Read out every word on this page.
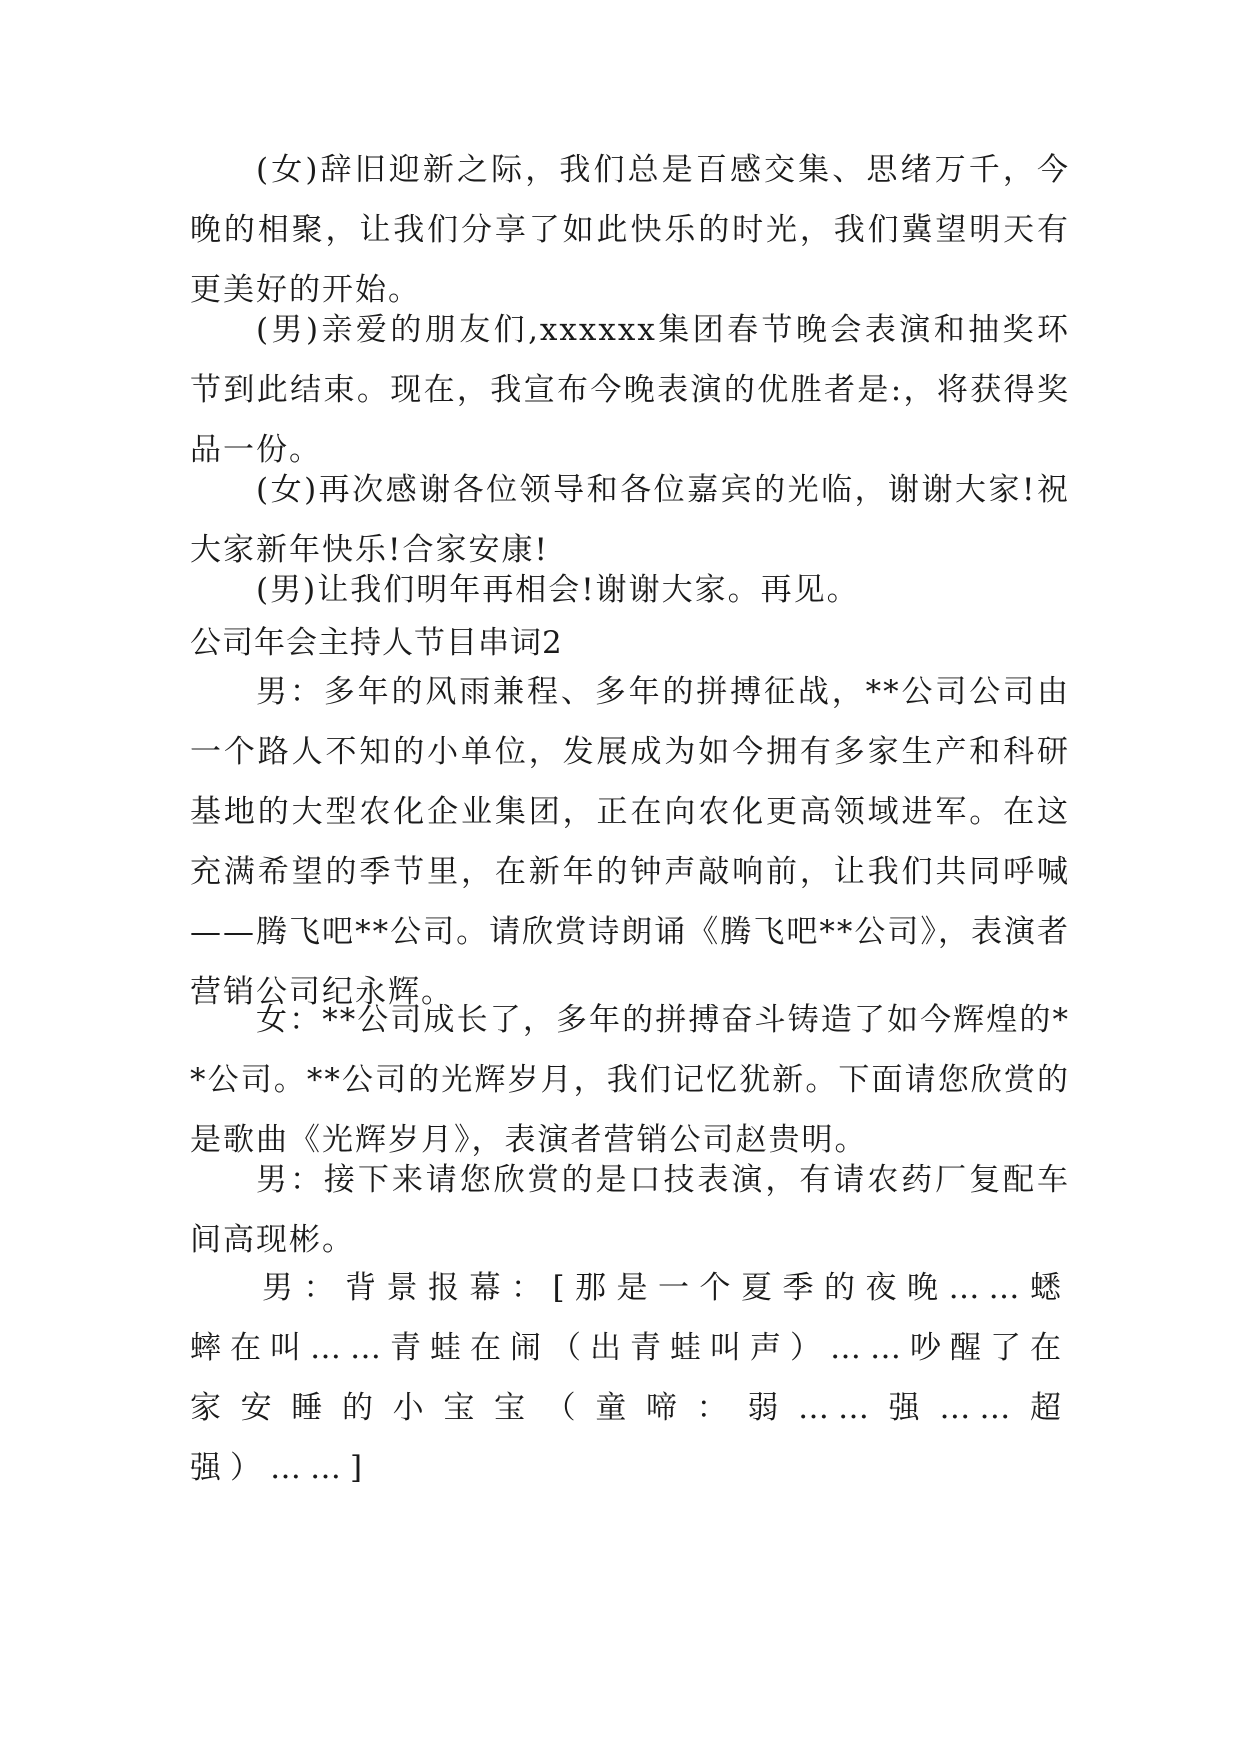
(女)辞旧迎新之际，我们总是百感交集、思绪万千，今晚的相聚，让我们分享了如此快乐的时光，我们冀望明天有更美好的开始。

(男)亲爱的朋友们,xxxxxx集团春节晚会表演和抽奖环节到此结束。现在，我宣布今晚表演的优胜者是:，将获得奖品一份。

(女)再次感谢各位领导和各位嘉宾的光临，谢谢大家!祝大家新年快乐!合家安康!

(男)让我们明年再相会!谢谢大家。再见。

公司年会主持人节目串词2

男：多年的风雨兼程、多年的拼搏征战，**公司公司由一个路人不知的小单位，发展成为如今拥有多家生产和科研基地的大型农化企业集团，正在向农化更高领域进军。在这充满希望的季节里，在新年的钟声敲响前，让我们共同呼喊——腾飞吧**公司。请欣赏诗朗诵《腾飞吧**公司》，表演者营销公司纪永辉。

女：**公司成长了，多年的拼搏奋斗铸造了如今辉煌的**公司。**公司的光辉岁月，我们记忆犹新。下面请您欣赏的是歌曲《光辉岁月》，表演者营销公司赵贵明。

男：接下来请您欣赏的是口技表演，有请农药厂复配车间高现彬。

男：背景报幕：[那是一个夏季的夜晚……蟋蟀在叫……青蛙在闹（出青蛙叫声）……吵醒了在家安睡的小宝宝（童啼：弱……强……超强）……]
